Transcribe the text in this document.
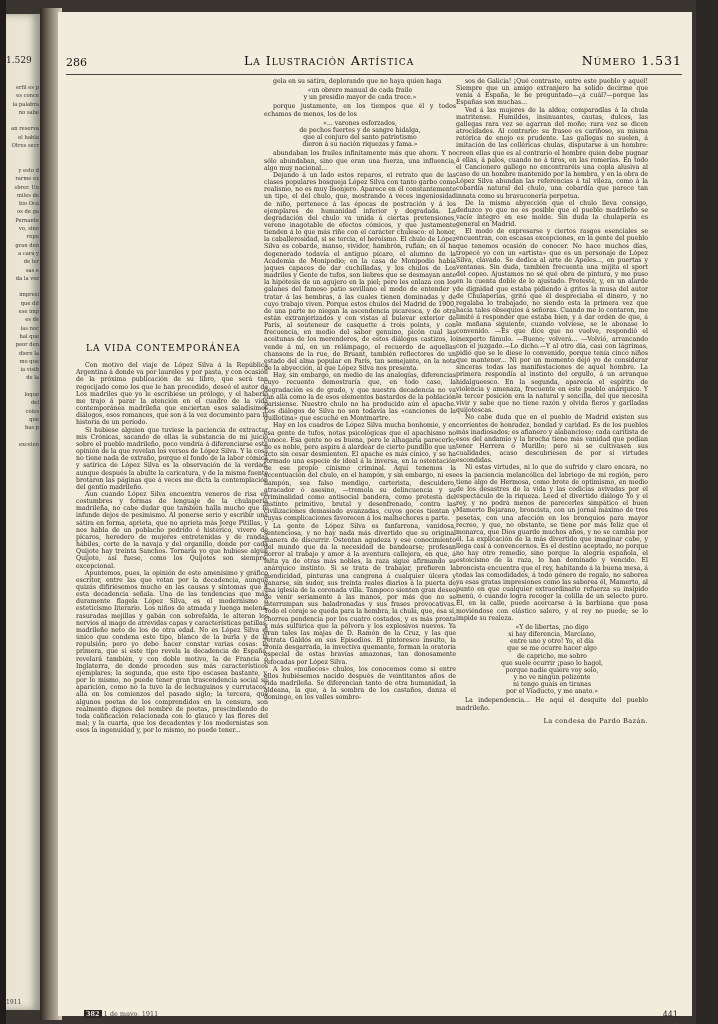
1.529
erfil es p
es conce
la palabra
no sabe

an reserva
el habla
Otros secr

y esto d
rarme ex
sbrer. Un
miles de
bio Oca
os de ga
Pernante
vo, sino
repu
gran den
a cara y
de ler
sas e
da la vez

impresi
que dif
ese imp
es de
las noc
hal que
peor den
diere la
mo que
ia visib
de la

loque
del
coles
que
bas p

excelen

1911
286	La Ilustración Artística	Número 1.531
LA VIDA CONTEMPORÁNEA

Con motivo del viaje de López Silva á la República Argentina á donde va por laureles y por pasta, y con ocasión de la próxima publicación de su libro, que será tan regocijado como los que le han precedido, deseó el autor de Los madriles que yo le escribiese un prólogo, y el haberlo me trajo á parar la atención en el cuadro de la vida contemporánea madrileña que enciertan esos saladísimos diálogos, esos romances, que son á la vez documento para la historia de un período.

Si hubiese alguien que tuviese la paciencia de extractar mis Crónicas, sacando de ellas la substancia de mi juicio sobre el pueblo madrileño, poco vendría á diferenciarse esta opinión de la que revelan los versos de López Silva. Y la cosa no tiene nada de extraño, porque el fondo de la labor cómica y satírica de López Silva es la observación de la verdad, aunque después la abulte la caricatura, y de la misma fuente brotaron las páginas que á veces me dicta la contemplación del gentío madrileño.

Aun cuando López Silva encuentra veneros de risa en costumbres y formas de lenguaje de la chulapería madrileña, no cabe dudar que también halla mucho que le infunde dejos de pesimismo. Al ponerse serio y escribir una sátira en forma, aprieta, que no aprieta más Jorge Pitillas, y nos habla de un poblacho podrido é histérico, vivero de pícaros, heredero de mujeres entretenidas y de randas hábiles, corte de la navaja y del organillo, donde por cada Quijote hay treinta Sanchos. Tornaría yo que hubiese algún Quijote, así fuese, como los Quijotes son siempre, excepcional.

Apuntemos, pues, la opinión de este amenísimo y gráfico escritor, entre las que votan por la decadencia, aunque quizás difiriésemos mucho en las causas y síntomas que á esta decadencia señala. Una de las tendencias que más duramente flagela López Silva, es el modernismo ó esteticismo literario. Los niños de atmada y luenga melena, rasuradas mejillas y gabán con sobrefalda, le alteran los nervios al mago de atrevidas capas y características patillas, madrileño neto de los de otra edad. No es López Silva el único que condena este tipo, blanco de la burla y de la repulsión; pero yo debo hacer constar varias cosas: la primera, que si este tipo revela la decadencia de España, revelará también, y con doble motivo, la de Francia ó Inglaterra, de donde proceden sus más característicos ejemplares; la segunda, que este tipo escasea bastante, y, por lo mismo, no puede tener gran trascendencia social su aparición, como no la tuvo la de lechuguinos y currutacos, allá en los comienzos del pasado siglo; la tercera, que algunos poetas de los comprendidos en la censura, son realmente dignos del nombre de poetas, prescindiendo de toda calificación relacionada con lo glauco y las flores del mal; y la cuarta, que los decadentes y los modernistas son esos la ingenuidad y, por lo mismo, no puede tener...

gela en su sátira, deplorando que no haya quien haga

«un obrero manual de cada fraile
y un presidio mayor de cada trece.»

porque justamente, en los tiempos que él y todos echamos de menos, los de los

«... varones esforzados,
de pechos fuertes y de sangre hidalga,
que al conjuro del santo patriotismo
dieron á su nación riquezas y fama.»

abundaban los frailes infinitamente más que ahora. Y no sólo abundaban, sino que eran una fuerza, una influencia, algo muy nacional...

Dejando á un lado estos reparos, el retrato que de las clases populares bosqueja López Silva con tanto garbo como realismo, no es muy lisonjero. Aparece en él constantemente un tipo, el del chulo, que, mostrando á veces ingeniosidad de niño, pertenece á las épocas de postración y á los ejemplares de humanidad inferior y degradada. La degradación del chulo va unida á ciertas pretensiones, vereno inagotable de efectos cómicos, y que justamente tienden á lo que más riñe con el carácter chulesco: el honor, la caballerosidad, si se tercia, el heroísmo. El chulo de López Silva es cobarde, manso, vividor, hambrón, rufián; en él ha degenerado todavía el antiguo pícaro, el alumno de la Academia de Monipodio; en la casa de Monipodio había jaques capaces de dar cuchilladas, y los chulos de Los madriles y Gente de tufos, son liebres que se desmayan ante la hipótesis de un agujero en la piel; pero les enlaza con los galanes del famoso patio sevillano el modo de entender y tratar á las hembras, á las cuales tienen dominadas y de cuyo trabajo viven. Porque estos chulos del Madrid de 1900, de una parte no niegan la ascendencia picaresca, y de otra están extranjerizados y con vistas al bulevar exterior de París, al souteneur de casquette á trois points, y con frecuencia, en medio del sabor genuino, picón cual las aceitunas de los merenderos, de estos diálogos castizos, lo vende á mí, en un relámpago, el recuerdo de aquellas chansons de la rue, de Bruant, también reflectores de un estado del alma popular en París, tan semejante, en la nota de la abyección, al que López Silva nos presenta.

Hay, sin embargo, en medio de las analogías, diferencias cuyo recuento demostraría que, en todo caso, la degradación es de grado, y que nuestra decadencia no va tan allá como la de esos elementos bastardos de la población parisiense. Nuestro chulo no ha producido aún el apache. Los diálogos de Silva no son todavía las «canciones de la guillotina» que escuché en Montmartre.

Hay en los cuadros de López Silva mucha bonhomie, y en esa gente de tufos, notas psicológicas que el apachismo no conoce. Esa gente no es buena, pero le alhagaría parecerlo; no es noble, pero aspira á alardear de cierto pundillo que un acto sin cesar desmienten. El apache es más cínico, y se ha formado una especie de ideal á la inversa, en la ostentación de ese propio cinismo criminal. Aquí tenemos la accentuación del chulo, en el hampón, y sin embargo, ni ese hampón, sea falso mendigo, carterista, descuidero, atracador ó asesino, —tremola su delincuencia y su criminalidad como antisocial bandera, como protesta del instinto primitivo, brutal y desenfrenado, contra las civilizaciones demasiado avanzadas, cuyos goces tientan y cuyas complicaciones favorecen á los malhechores a parte.

La gente de López Silva es fanfarrona, vanidosa, sentenciosa, y no hay nada más divertido que su original manera de discurrir. Ostentan agudeza y ese conocimiento del mundo que da la necesidad de bandearse; profesan horror al trabajo y amor á la aventura callejera, en que, á falta ya de otras más nobles, la raza sigue afirmando su anárquico instinto. Si se trata de trabajar, prefieren la mendicidad, pinturas una cangrena á cualquier úlcera y ganarse, sin sudor, sus treinta reales diarios á la puerta de una iglesia de la coronada villa. Tampoco sienten gran deseo de venir seriamente á las manos, por más que no se interrumpan sus baladronadas y sus frases provocativas. Todo el coraje se queda para la hembra, la chula, que, ésa sí, chorrea pendencia por los cuatro costados, y es más pronta y más sulfúrica que la pólvora y los explosivos nuevos. Ya eran tales las majas de D. Ramón de la Cruz, y las que retrata Galdós en sus Episodios. El pintoresco insulto, la ironía desgarrada, la invectiva quemante, forman la oratoria especial de estas bravías amazonas, tan donosamente refocadas por López Silva.

A los «muñecos» chulos, los conocemos como si entre ellos hubiésemos nacido después de veintitantos años de vida madrileña. Se diferencian tanto de otra humanidad, la aldeana, la que, á la sombra de los castaños, danza el domingo, en los valles sombro-

sos de Galicia! ¡Qué contraste, entre este pueblo y aquel! Siempre que un amigo extranjero ha solido decirme que venía á España, le he preguntado—¿á cuál?—porque las Españas son muchas...

Ved á las mujeres de la aldea; comparadlas á la chula matritense. Humildes, insinuantes, cautas, dulces, las gallegas rara vez se agarran del moño; rara vez se dicen atrocidades. Al contrario: su fraseo es cariñoso, su misma retórica de enojo es prudente. Las gallegas no suelen, á imitación de las colléricas chulas, disputarse á un hombre: creen ellas que es al contrario el hombre quien debe pugnar á ellas, á palos, cuando no á tiros, en las romerías. En todo el Cancionero gallego no encontraréis una copla alusiva al caso de un hombre mantenido por la hembra, y en la obra de López Silva abundan las referencias á tal vileza, como á la cobardía natural del chulo, una cobardía que parece tan innata como su bravuconería perpetua.

De la misma abyección que el chulo lleva consigo, deduzco yo que no es posible que el pueblo madrileño se vacíe íntegro en ese molde. Sin duda la chulapería es general en Madrid.

El modo de expresarse y ciertos rasgos esenciales se encuentran, con escasas excepciones, en la gente del pueblo que tenemos ocasión de conocer. No hace muchos días, tropecé yo con un «artista» que es un personaje de López Silva, clavado. Se dedica al arte de Apeles..., en puertas y ventanas. Sin duda, también frecuenta una mijita el sport del copeo. Ajustamos no sé qué obra de pintura, y me puso en la cuenta doble de lo ajustado. Protesté, y, en un alarde de dignidad que estaba pidiendo á gritos la musa del autor de Chulaperías, gritó que él despreciaba el dinero, y no regalaba lo trabajado, no siendo esta la primera vez que hacía tales obsequios á señoras. Cuando me lo contaron, me limité á responder que estaba bien, y á dar orden de que, á la mañana siguiente, cuando volviese, se le abonase lo convenido. —Es que dice que no vuelve, respondió el inexperto fámulo. —Bueno; volverá... —Volvió, arrancando con el juzgado.—Lo dicho.—Y al otro día, casi con lágrimas, pidió que se le diese lo convenido, porque tenía cinco niños que mantener... Ni por un momento dejó yo de considerar sinceras todas las manifestaciones de aquel hombre. La primera respondía al instinto del orgullo, á un arranque hidalgueesco. En la segunda, aparecía el espíritu de violencia y amenaza, frecuente en este pueblo anárquico. Y la tercer posición era la natural y sencilla, del que necesita vivir y sabe que no tiene razón y olvida fieros y garlladas quijotescas.

No cabe duda que en el pueblo de Madrid existen sus corrientes de honradez, bondad y caridad. Es de los pueblos más inadiosados; es afianero y alabancioso; cada caritista de esos del andamio y la brocha tiene más vanidad que podían tener Herrera ó Murillo; pero si se cultivasen sus cualidades, acaso descubriesen de por sí virtudes escondidas.

Ni estas virtudes, ni lo que de sufrido y claro encara, no es la paciencia melancólica del labriego de mi región, pero tiene algo de Hermosa, como brote de optimismo, en medio de los desastres de la vida y las codicias avivadas por el espectáculo de la riqueza. Leed el divertido diálogo Yo y el rey, y no podrá menos de parecerles simpático el buen Mamerto Bejarano, broncista, con un jornal máximo de tres pesetas, con una afección en los bronquios para mayor recreo, y que, no obstante, se tiene por más feliz que el monarca, que Dios guarde muchos años, y no se cambia por él. La explicación de la más divertido que imaginar cabe, y llega casi á convencernos. Es el destino aceptado, no porque no hay otro remedio, sino porque la alegría española, el estoicismo de la raza, lo han dominado y vencido. El broncista encuentra que el rey, habitando á la buena mesa, á todas las comodidades, á todo género de regalo, no saborea ya esas gratas impresiones como las saborea él, Mamerto, al punto en que cualquier extraordinario refuerza su insípido menú, ó cuando logra recoger la colilla de un selecto puro. Él, en la calle, puede acercarse á la barbiana que pasa moviéndose con elástico salero, y el rey no puede; se lo impide su realeza.

«Y de libertas, ¡no digo
si hay diferencia, Marciano,
entre uno y otro! Yo, el día
que se me ocurre hacer algo
de capricho, me sobro
que suele ocurrir ¡paso lo hagol,
porque nadie quiere voy solo,
y no ve ningún polizonte
ni tengo guais en tiranas
por el Viaducto, y me anato.»

La independencia... He aquí el desquite del pueblo madrileño.

La condesa de Pardo Bazán.
382 1 de mayo, 1911	441
